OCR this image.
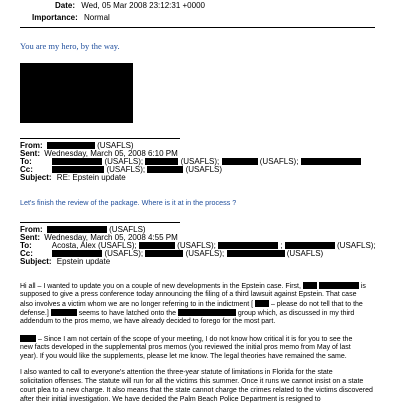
Date: Wed, 05 Mar 2008 23:12:31 +0000
Importance: Normal
You are my hero, by the way.
From:	(USAFLS)
Sent: Wednesday, March 05, 2008 6:10 PM
To:	(USAFLS);	(USAFLS);	(USAFLS);
Cc:	(USAFLS);	(USAFLS)
Subject: RE: Epstein update
Let's finish the review of the package. Where is it at in the process ?
From:	(USAFLS)
Sent: Wednesday, March 05, 2008 4:55 PM
To: Acosta, Alex (USAFLS);	(USAFLS);	;	(USAFLS);
Cc:	(USAFLS);	(USAFLS);	(USAFLS)
Subject: Epstein update
Hi all – I wanted to update you on a couple of new developments in the Epstein case. First,	is
supposed to give a press conference today announcing the filing of a third lawsuit against Epstein. That case
also involves a victim whom we are no longer referring to in the indictment [	– please do not tell that to the
defense.]	seems to have latched onto the	group which, as discussed in my third
addendum to the pros memo, we have already decided to forego for the most part.
– Since I am not certain of the scope of your meeting, I do not know how critical it is for you to see the
new facts developed in the supplemental pros memos (you reviewed the initial pros memo from May of last
year). If you would like the supplements, please let me know. The legal theories have remained the same.
I also wanted to call to everyone's attention the three-year statute of limitations in Florida for the state
solicitation offenses. The statute will run for all the victims this summer. Once it runs we cannot insist on a state
court plea to a new charge. It also means that the state cannot charge the crimes related to the victims discovered
after their initial investigation. We have decided the Palm Beach Police Department is resigned to
